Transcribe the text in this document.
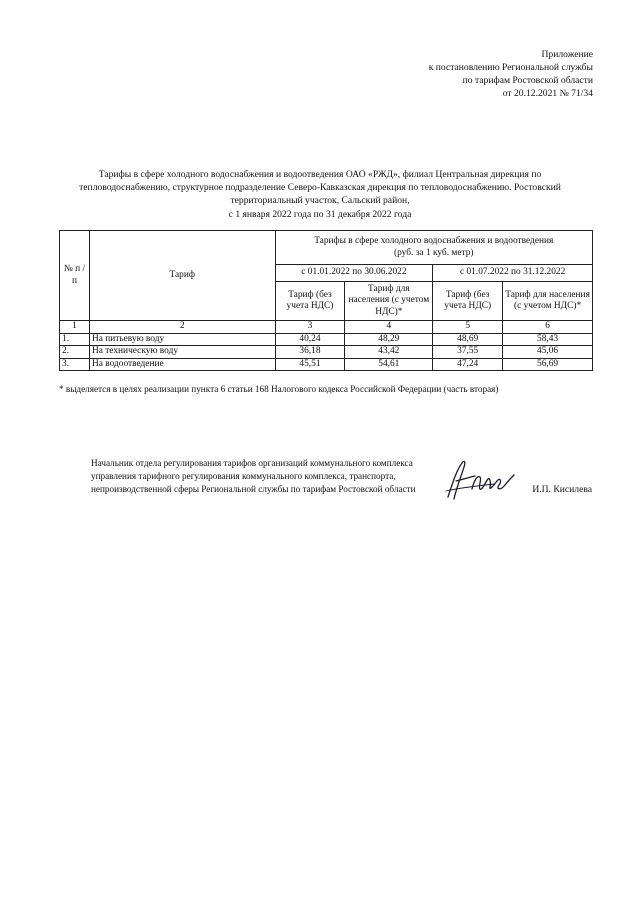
Приложение
к постановлению Региональной службы
по тарифам Ростовской области
от 20.12.2021 № 71/34
Тарифы в сфере холодного водоснабжения и водоотведения ОАО «РЖД», филиал Центральная дирекция по
тепловодоснабжению, структурное подразделение Северо-Кавказская дирекция по тепловодоснабжению. Ростовский
территориальный участок, Сальский район,
с 1 января 2022 года по 31 декабря 2022 года
№ п /п	Тариф	Тарифы в сфере холодного водоснабжения и водоотведения
(руб. за 1 куб. метр)			

		с 01.01.2022 по 30.06.2022		с 01.07.2022 по 31.12.2022	
		Тариф (без учета НДС)	Тариф для населения (с учетом НДС)*	Тариф (без учета НДС)	Тариф для населения (с учетом НДС)*
1	2	3	4	5	6
1.	На питьевую воду	40,24	48,29	48,69	58,43
2.	На техническую воду	36,18	43,42	37,55	45,06
3.	На водоотведение	45,51	54,61	47,24	56,69
* выделяется в целях реализации пункта 6 статьи 168 Налогового кодекса Российской Федерации (часть вторая)
Начальник отдела регулирования тарифов организаций коммунального комплекса
управления тарифного регулирования коммунального комплекса, транспорта,
непроизводственной сферы Региональной службы по тарифам Ростовской области	И.П. Кисилева
